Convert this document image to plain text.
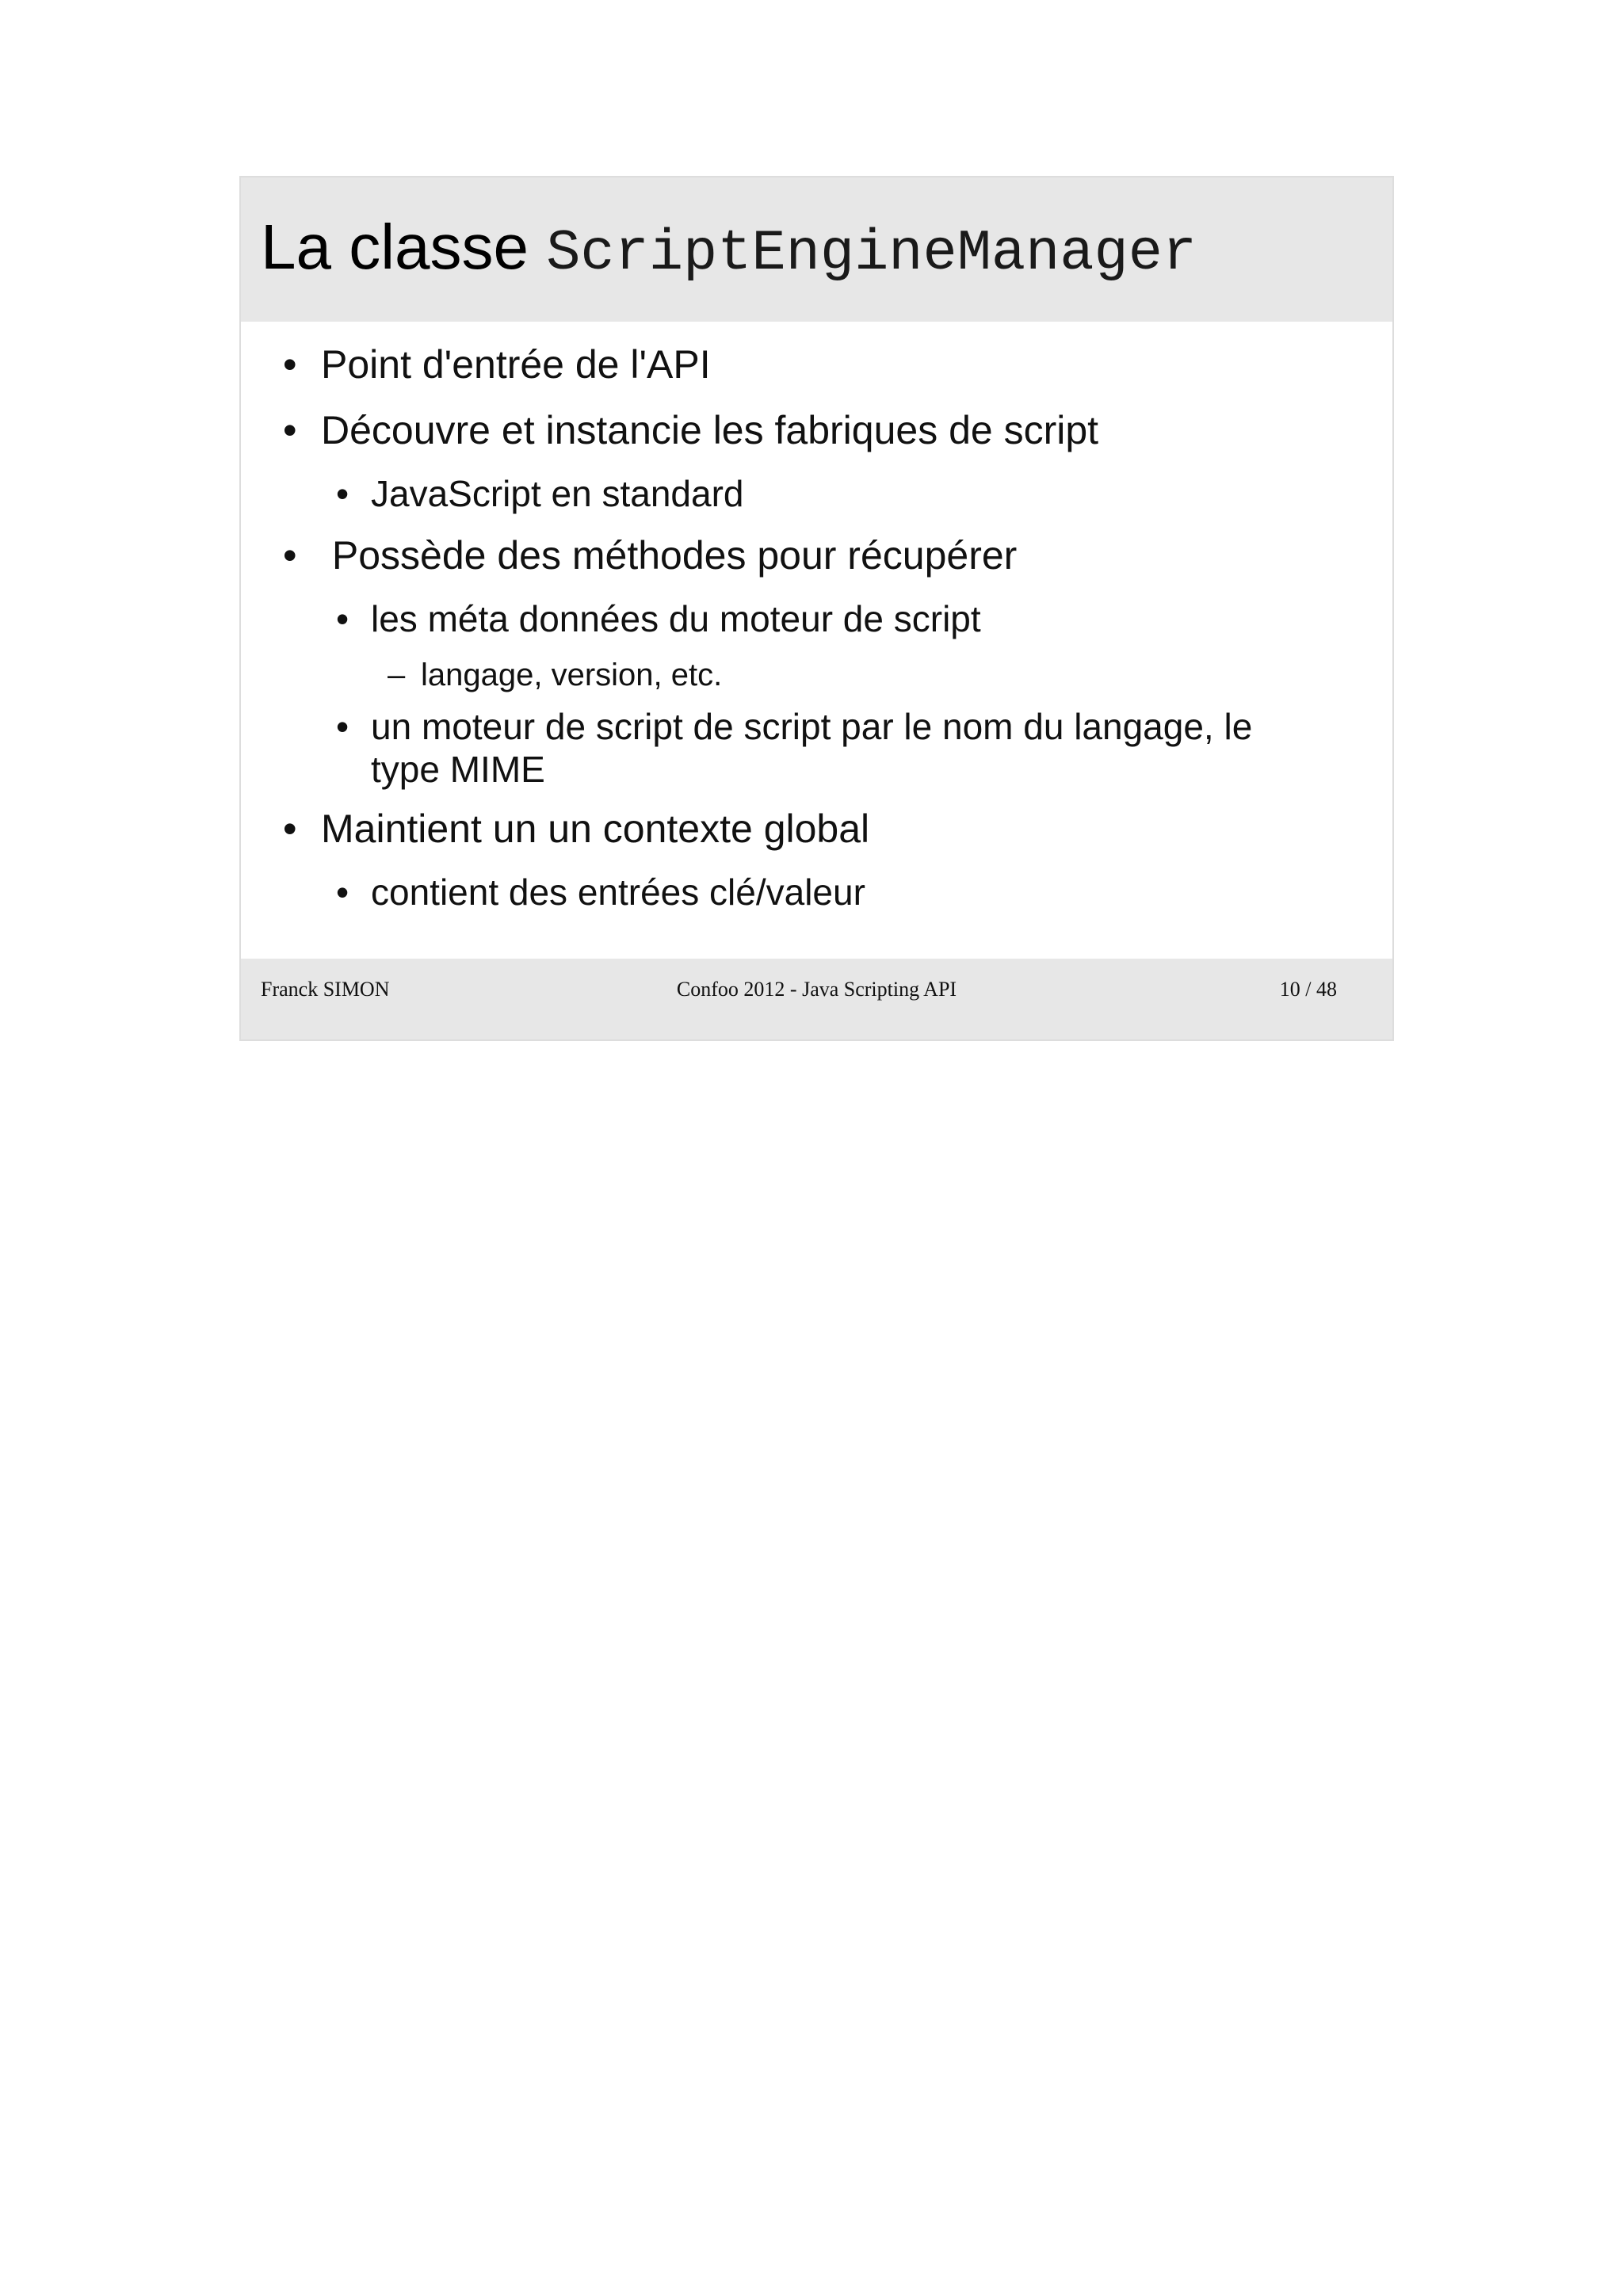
La classe ScriptEngineManager
• Point d'entrée de l'API
• Découvre et instancie les fabriques de script
• JavaScript en standard
• Possède des méthodes pour récupérer
• les méta données du moteur de script
– langage, version, etc.
• un moteur de script de script par le nom du langage, le
type MIME
• Maintient un un contexte global
• contient des entrées clé/valeur
Franck SIMON	Confoo 2012 - Java Scripting API	10 / 48
